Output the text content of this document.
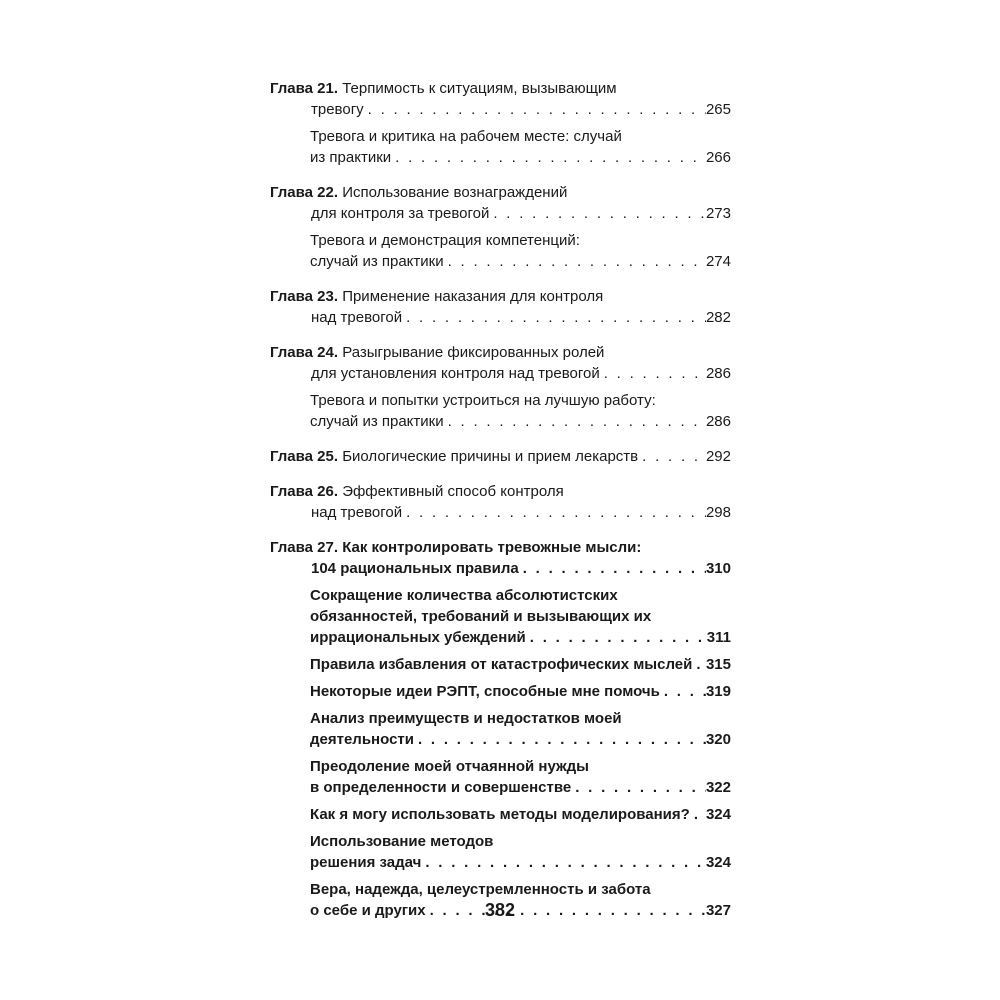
Глава 21. Терпимость к ситуациям, вызывающим
тревогу . . .	265
Тревога и критика на рабочем месте: случай
из практики . . .	266
Глава 22. Использование вознаграждений
для контроля за тревогой . . .	273
Тревога и демонстрация компетенций:
случай из практики . . .	274
Глава 23. Применение наказания для контроля
над тревогой . . .	282
Глава 24. Разыгрывание фиксированных ролей
для установления контроля над тревогой . . .	286
Тревога и попытки устроиться на лучшую работу:
случай из практики . . .	286
Глава 25. Биологические причины и прием лекарств . . .	292
Глава 26. Эффективный способ контроля
над тревогой . . .	298
Глава 27. Как контролировать тревожные мысли:
104 рациональных правила . . .	310
Сокращение количества абсолютистских
обязанностей, требований и вызывающих их
иррациональных убеждений . . .	311
Правила избавления от катастрофических мыслей . . . 315
Некоторые идеи РЭПТ, способные мне помочь . . .	319
Анализ преимуществ и недостатков моей
деятельности . . .	320
Преодоление моей отчаянной нужды
в определенности и совершенстве . . .	322
Как я могу использовать методы моделирования? . . . 324
Использование методов
решения задач . . .	324
Вера, надежда, целеустремленность и забота
о себе и других . . .	327
382
